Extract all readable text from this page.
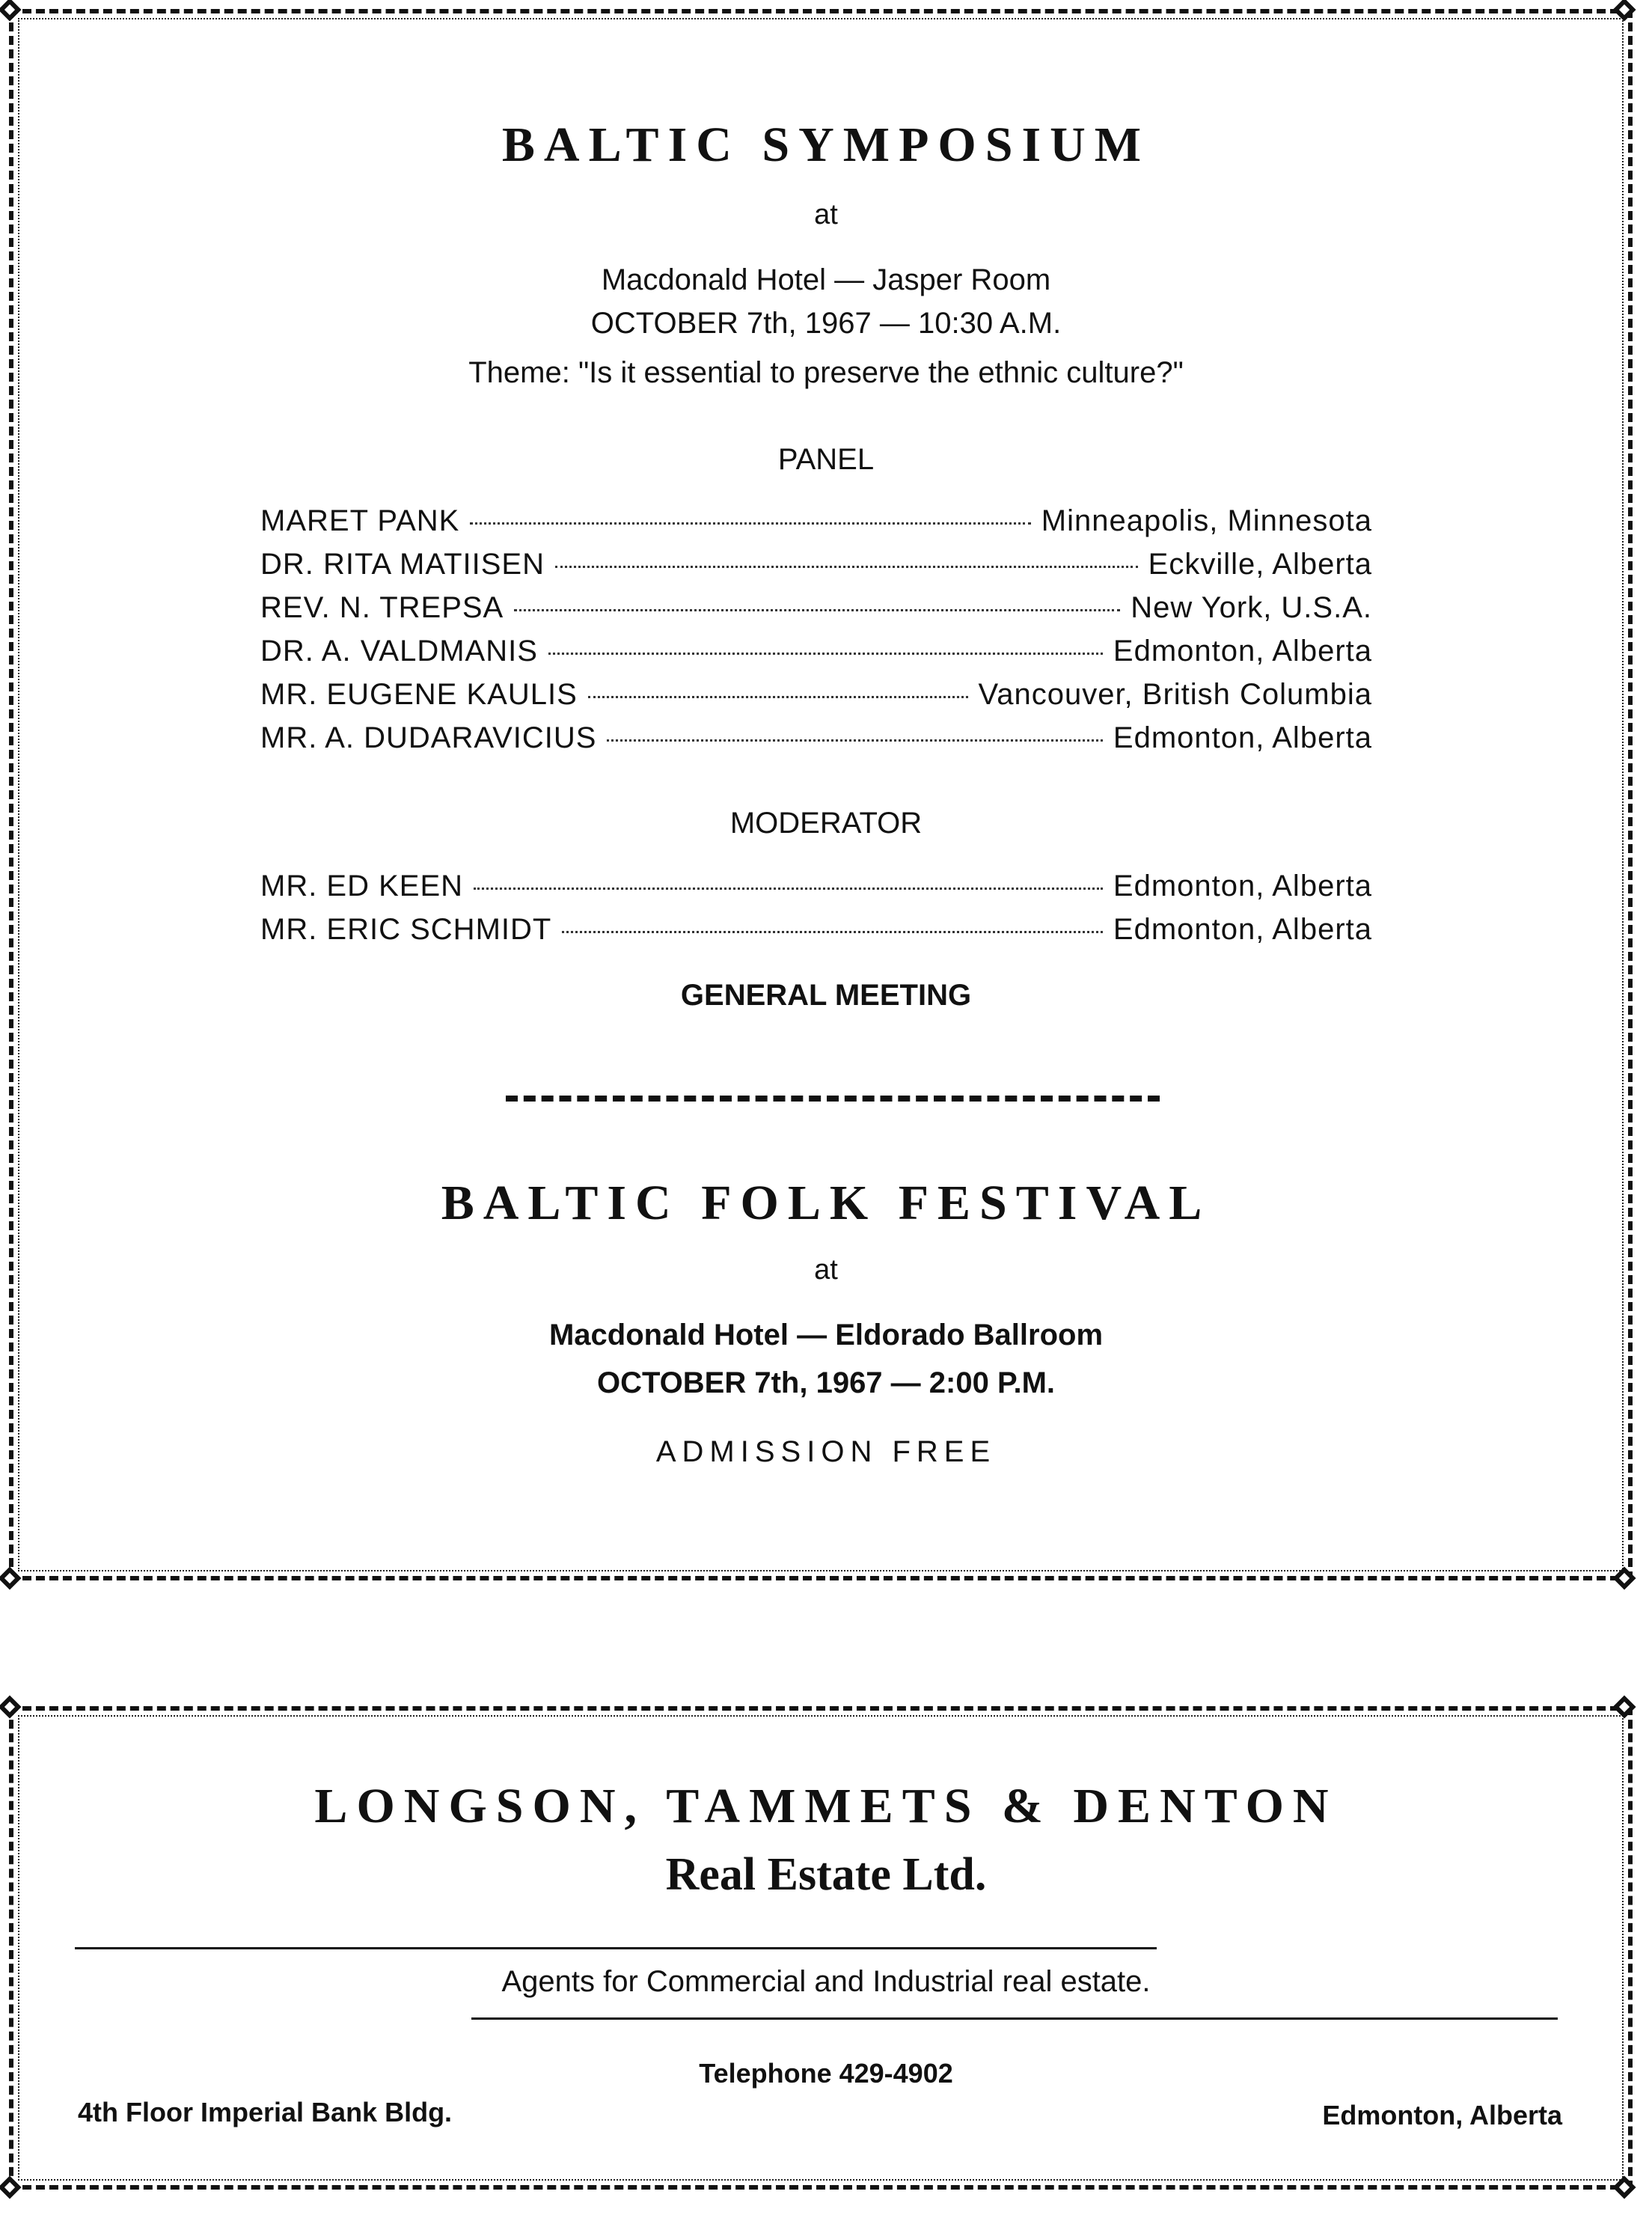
BALTIC SYMPOSIUM
at
Macdonald Hotel — Jasper Room
OCTOBER 7th, 1967 — 10:30 A.M.
Theme: "Is it essential to preserve the ethnic culture?"
PANEL
MARET PANK	Minneapolis, Minnesota
DR. RITA MATIISEN	Eckville, Alberta
REV. N. TREPSA	New York, U.S.A.
DR. A. VALDMANIS	Edmonton, Alberta
MR. EUGENE KAULIS	Vancouver, British Columbia
MR. A. DUDARAVICIUS	Edmonton, Alberta
MODERATOR
MR. ED KEEN	Edmonton, Alberta
MR. ERIC SCHMIDT	Edmonton, Alberta
GENERAL MEETING
BALTIC FOLK FESTIVAL
at
Macdonald Hotel — Eldorado Ballroom
OCTOBER 7th, 1967 — 2:00 P.M.
ADMISSION FREE
LONGSON, TAMMETS & DENTON
Real Estate Ltd.
Agents for Commercial and Industrial real estate.
Telephone 429-4902
4th Floor Imperial Bank Bldg.	Edmonton, Alberta
